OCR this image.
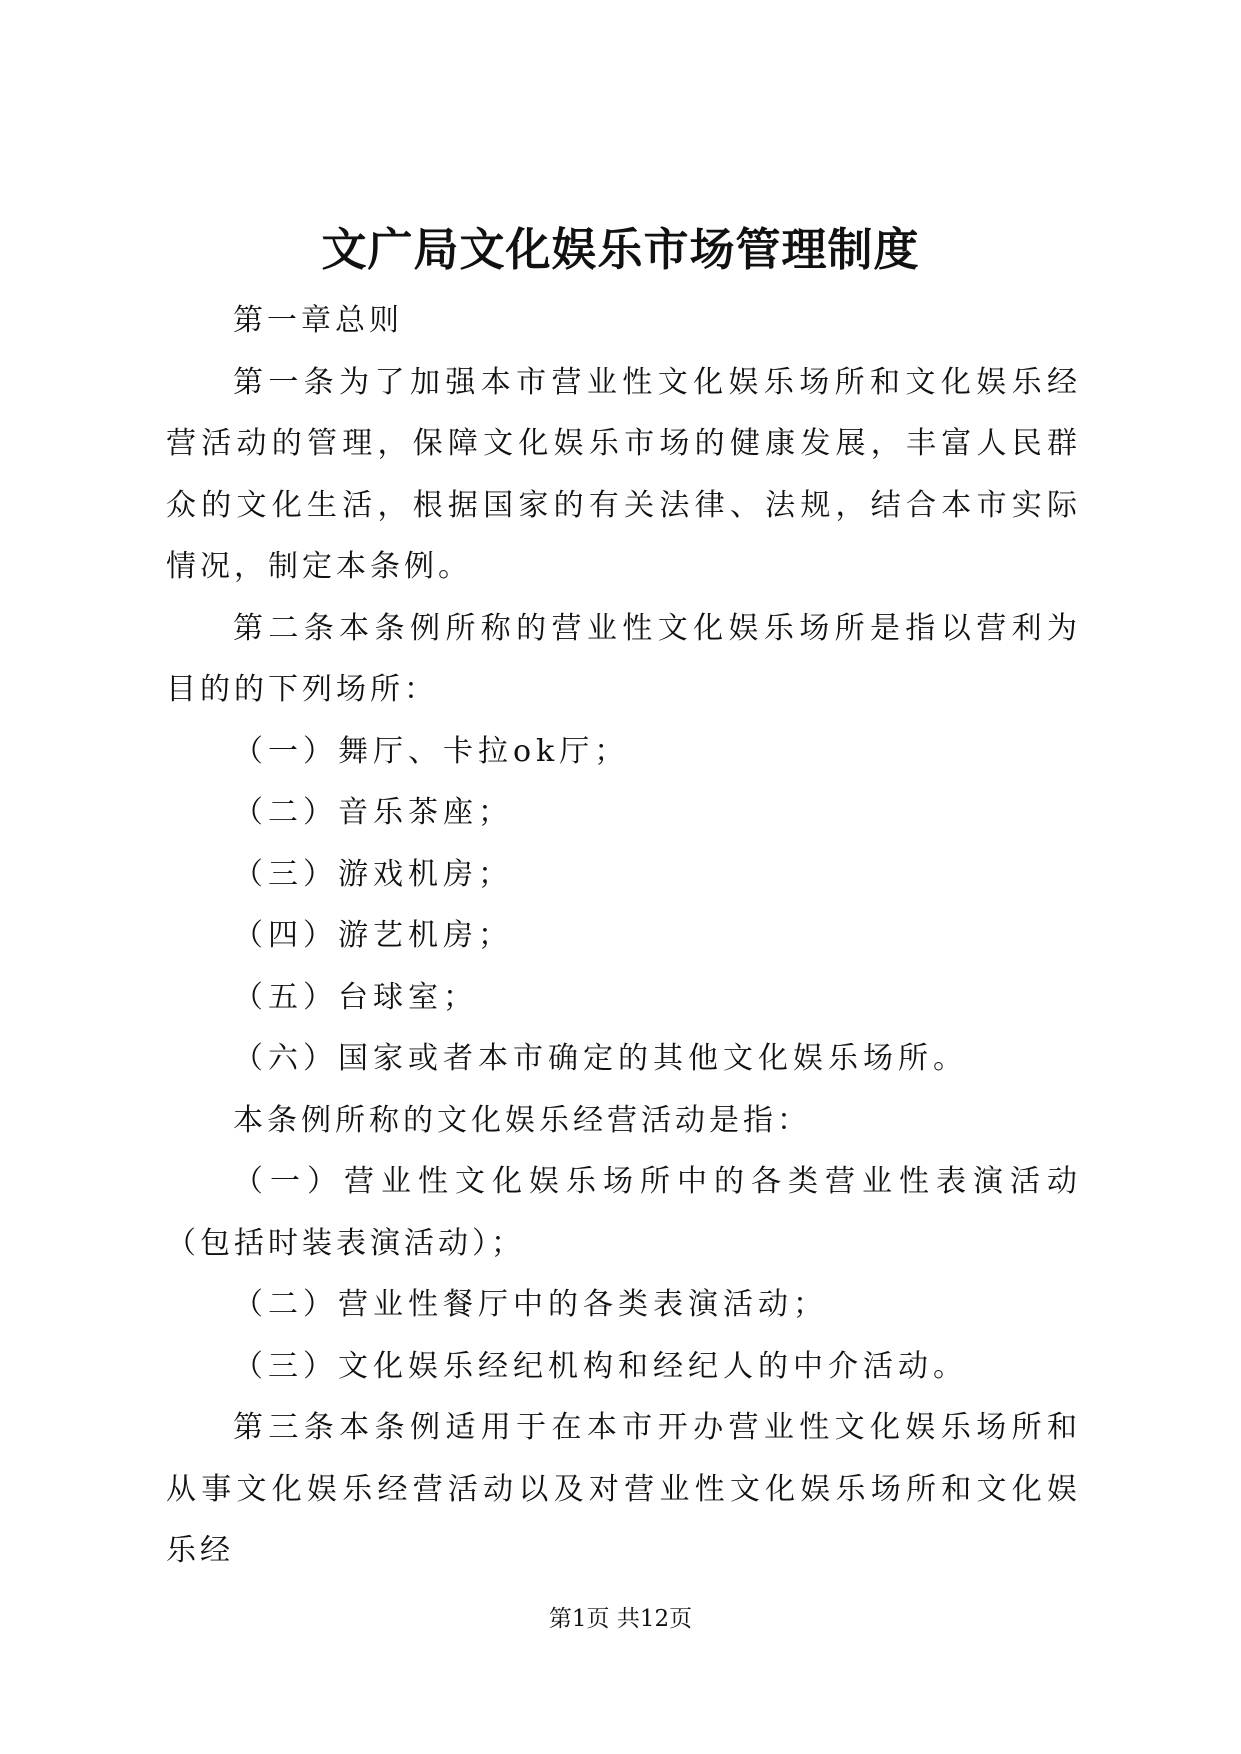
文广局文化娱乐市场管理制度

第一章总则

第一条为了加强本市营业性文化娱乐场所和文化娱乐经营活动的管理，保障文化娱乐市场的健康发展，丰富人民群众的文化生活，根据国家的有关法律、法规，结合本市实际情况，制定本条例。

第二条本条例所称的营业性文化娱乐场所是指以营利为目的的下列场所：

（一）舞厅、卡拉ok厅；

（二）音乐茶座；

（三）游戏机房；

（四）游艺机房；

（五）台球室；

（六）国家或者本市确定的其他文化娱乐场所。

本条例所称的文化娱乐经营活动是指：

（一）营业性文化娱乐场所中的各类营业性表演活动（包括时装表演活动）；

（二）营业性餐厅中的各类表演活动；

（三）文化娱乐经纪机构和经纪人的中介活动。

第三条本条例适用于在本市开办营业性文化娱乐场所和从事文化娱乐经营活动以及对营业性文化娱乐场所和文化娱乐经

第1页 共12页
